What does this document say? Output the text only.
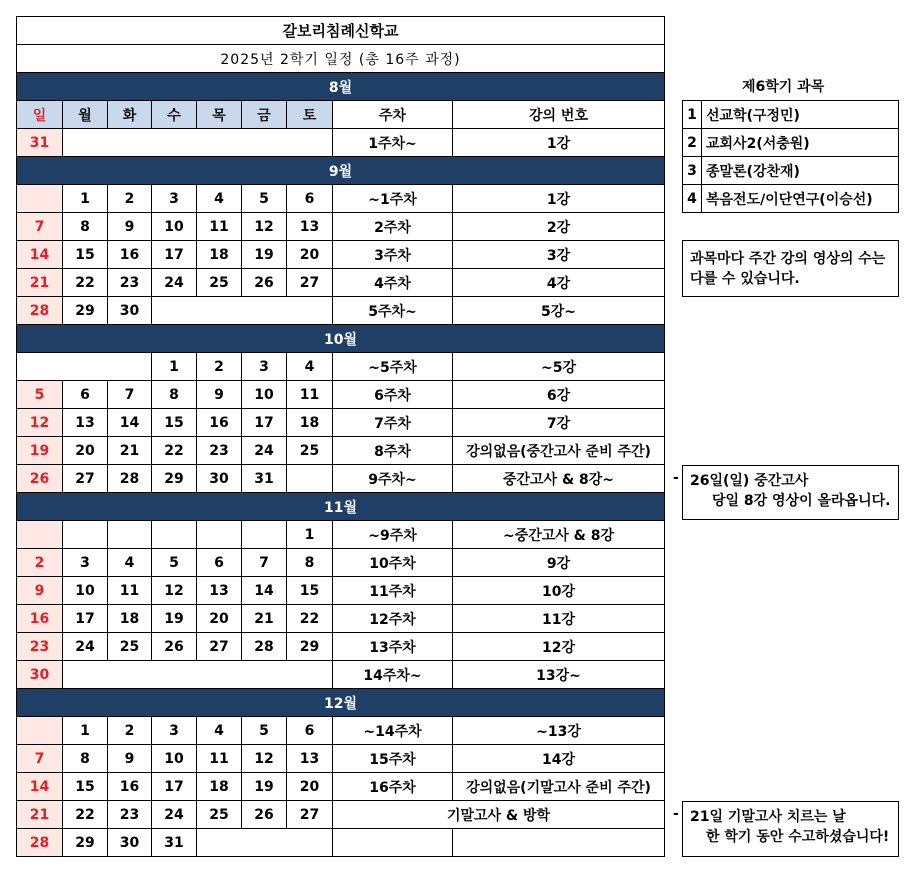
갈보리침례신학교								
2025년 2학기 일정 (총 16주 과정)								
8월								
일	월	화	수	목	금	토	주차	강의 번호
31							1주차~	1강
9월								
	1	2	3	4	5	6	~1주차	1강
7	8	9	10	11	12	13	2주차	2강
14	15	16	17	18	19	20	3주차	3강
21	22	23	24	25	26	27	4주차	4강
28	29	30					5주차~	5강~
10월								
			1	2	3	4	~5주차	~5강
5	6	7	8	9	10	11	6주차	6강
12	13	14	15	16	17	18	7주차	7강
19	20	21	22	23	24	25	8주차	강의없음(중간고사 준비 주간)
26	27	28	29	30	31		9주차~	중간고사 & 8강~
11월								
						1	~9주차	~중간고사 & 8강
2	3	4	5	6	7	8	10주차	9강
9	10	11	12	13	14	15	11주차	10강
16	17	18	19	20	21	22	12주차	11강
23	24	25	26	27	28	29	13주차	12강
30							14주차~	13강~
12월								
	1	2	3	4	5	6	~14주차	~13강
7	8	9	10	11	12	13	15주차	14강
14	15	16	17	18	19	20	16주차	강의없음(기말고사 준비 주간)
21	22	23	24	25	26	27	기말고사 & 방학	
28	29	30	31					
제6학기 과목
1	선교학(구정민)
2	교회사2(서충원)
3	종말론(강찬재)
4	복음전도/이단연구(이승선)
과목마다 주간 강의 영상의 수는
다를 수 있습니다.
- 26일(일) 중간고사
당일 8강 영상이 올라옵니다.
- 21일 기말고사 치르는 날
한 학기 동안 수고하셨습니다!
